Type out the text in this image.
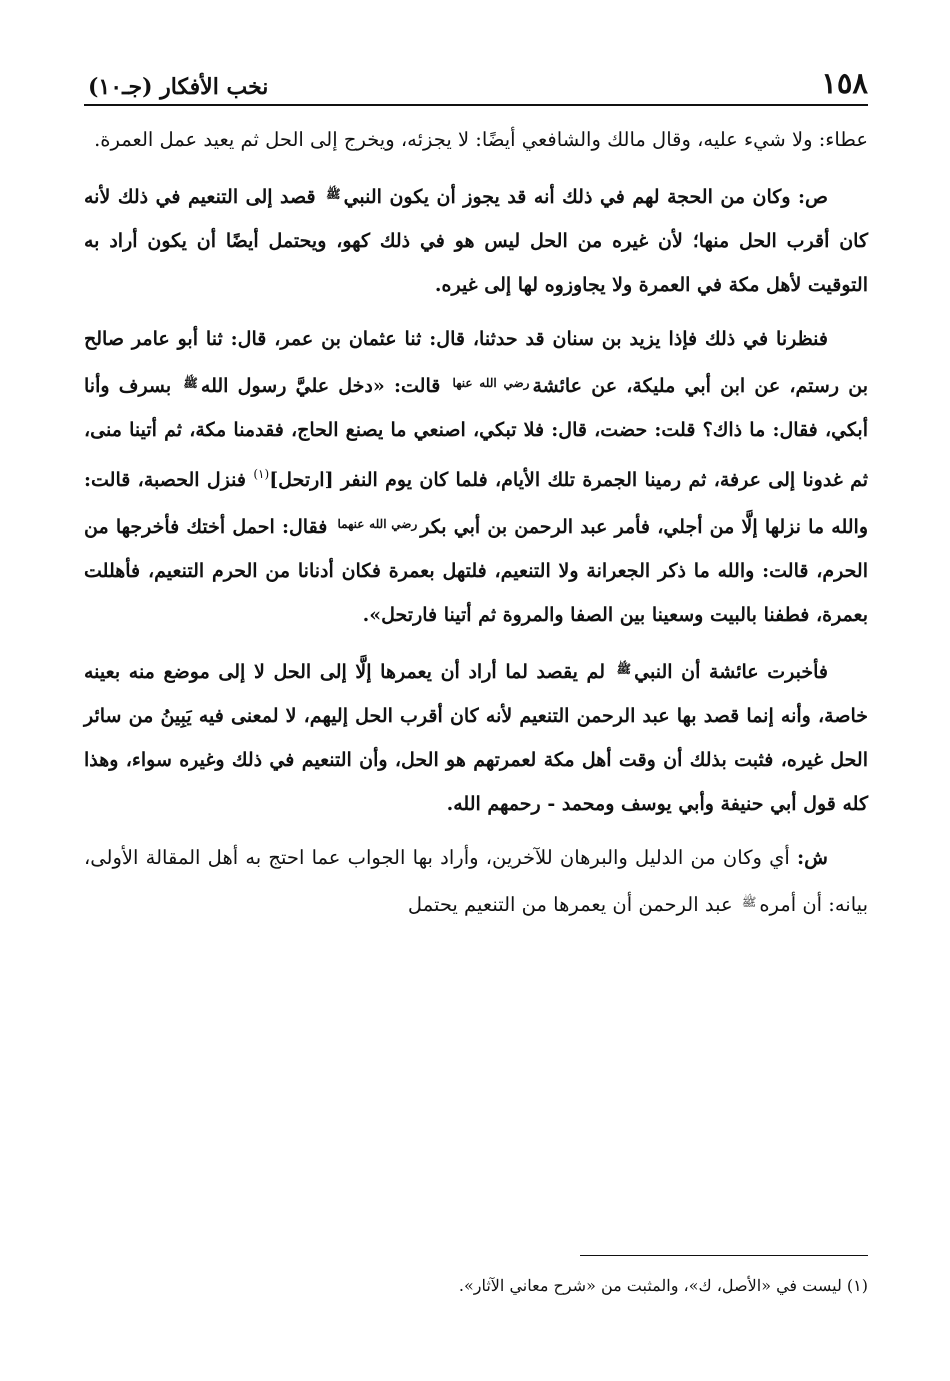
١٥٨
نخب الأفكار (جـ١٠)

عطاء: ولا شيء عليه، وقال مالك والشافعي أيضًا: لا يجزئه، ويخرج إلى الحل ثم يعيد عمل العمرة.

ص: وكان من الحجة لهم في ذلك أنه قد يجوز أن يكون النبي$^ﷺ$ قصد إلى التنعيم في ذلك لأنه كان أقرب الحل منها؛ لأن غيره من الحل ليس هو في ذلك كهو، ويحتمل أيضًا أن يكون أراد به التوقيت لأهل مكة في العمرة ولا يجاوزوه لها إلى غيره.

فنظرنا في ذلك فإذا يزيد بن سنان قد حدثنا، قال: ثنا عثمان بن عمر، قال: ثنا أبو عامر صالح بن رستم، عن ابن أبي مليكة، عن عائشة$^{رضي الله عنها}$ قالت: «دخل عليَّ رسول الله$^ﷺ$ بسرف وأنا أبكي، فقال: ما ذاك؟ قلت: حضت، قال: فلا تبكي، اصنعي ما يصنع الحاج، فقدمنا مكة، ثم أتينا منى، ثم غدونا إلى عرفة، ثم رمينا الجمرة تلك الأيام، فلما كان يوم النفر [ارتحل]$^{(١)}$ فنزل الحصبة، قالت: والله ما نزلها إلَّا من أجلي، فأمر عبد الرحمن بن أبي بكر$^{رضي الله عنهما}$ فقال: احمل أختك فأخرجها من الحرم، قالت: والله ما ذكر الجعرانة ولا التنعيم، فلتهل بعمرة فكان أدنانا من الحرم التنعيم، فأهللت بعمرة، فطفنا بالبيت وسعينا بين الصفا والمروة ثم أتينا فارتحل».

فأخبرت عائشة أن النبي$^ﷺ$ لم يقصد لما أراد أن يعمرها إلَّا إلى الحل لا إلى موضع منه بعينه خاصة، وأنه إنما قصد بها عبد الرحمن التنعيم لأنه كان أقرب الحل إليهم، لا لمعنى فيه يَبِينُ من سائر الحل غيره، فثبت بذلك أن وقت أهل مكة لعمرتهم هو الحل، وأن التنعيم في ذلك وغيره سواء، وهذا كله قول أبي حنيفة وأبي يوسف ومحمد - رحمهم الله.

ش: أي وكان من الدليل والبرهان للآخرين، وأراد بها الجواب عما احتج به أهل المقالة الأولى، بيانه: أن أمره$^ﷺ$ عبد الرحمن أن يعمرها من التنعيم يحتمل

(١) ليست في «الأصل، ك»، والمثبت من «شرح معاني الآثار».
